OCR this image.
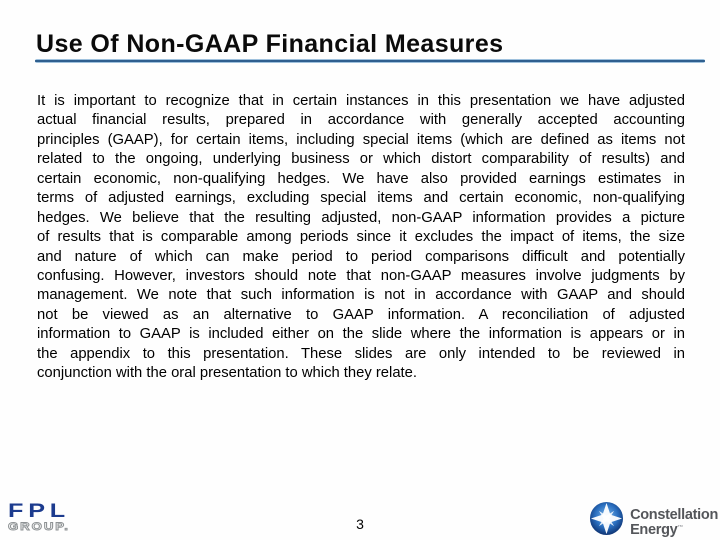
Use Of Non-GAAP Financial Measures
It is important to recognize that in certain instances in this presentation we have adjusted
actual financial results, prepared in accordance with generally accepted accounting
principles (GAAP), for certain items, including special items (which are defined as items not
related to the ongoing, underlying business or which distort comparability of results) and
certain economic, non-qualifying hedges. We have also provided earnings estimates in
terms of adjusted earnings, excluding special items and certain economic, non-qualifying
hedges. We believe that the resulting adjusted, non-GAAP information provides a picture
of results that is comparable among periods since it excludes the impact of items, the size
and nature of which can make period to period comparisons difficult and potentially
confusing. However, investors should note that non-GAAP measures involve judgments by
management. We note that such information is not in accordance with GAAP and should
not be viewed as an alternative to GAAP information. A reconciliation of adjusted
information to GAAP is included either on the slide where the information is appears or in
the appendix to this presentation. These slides are only intended to be reviewed in
conjunction with the oral presentation to which they relate.
3
FPL
GROUP.
Constellation
Energy™
